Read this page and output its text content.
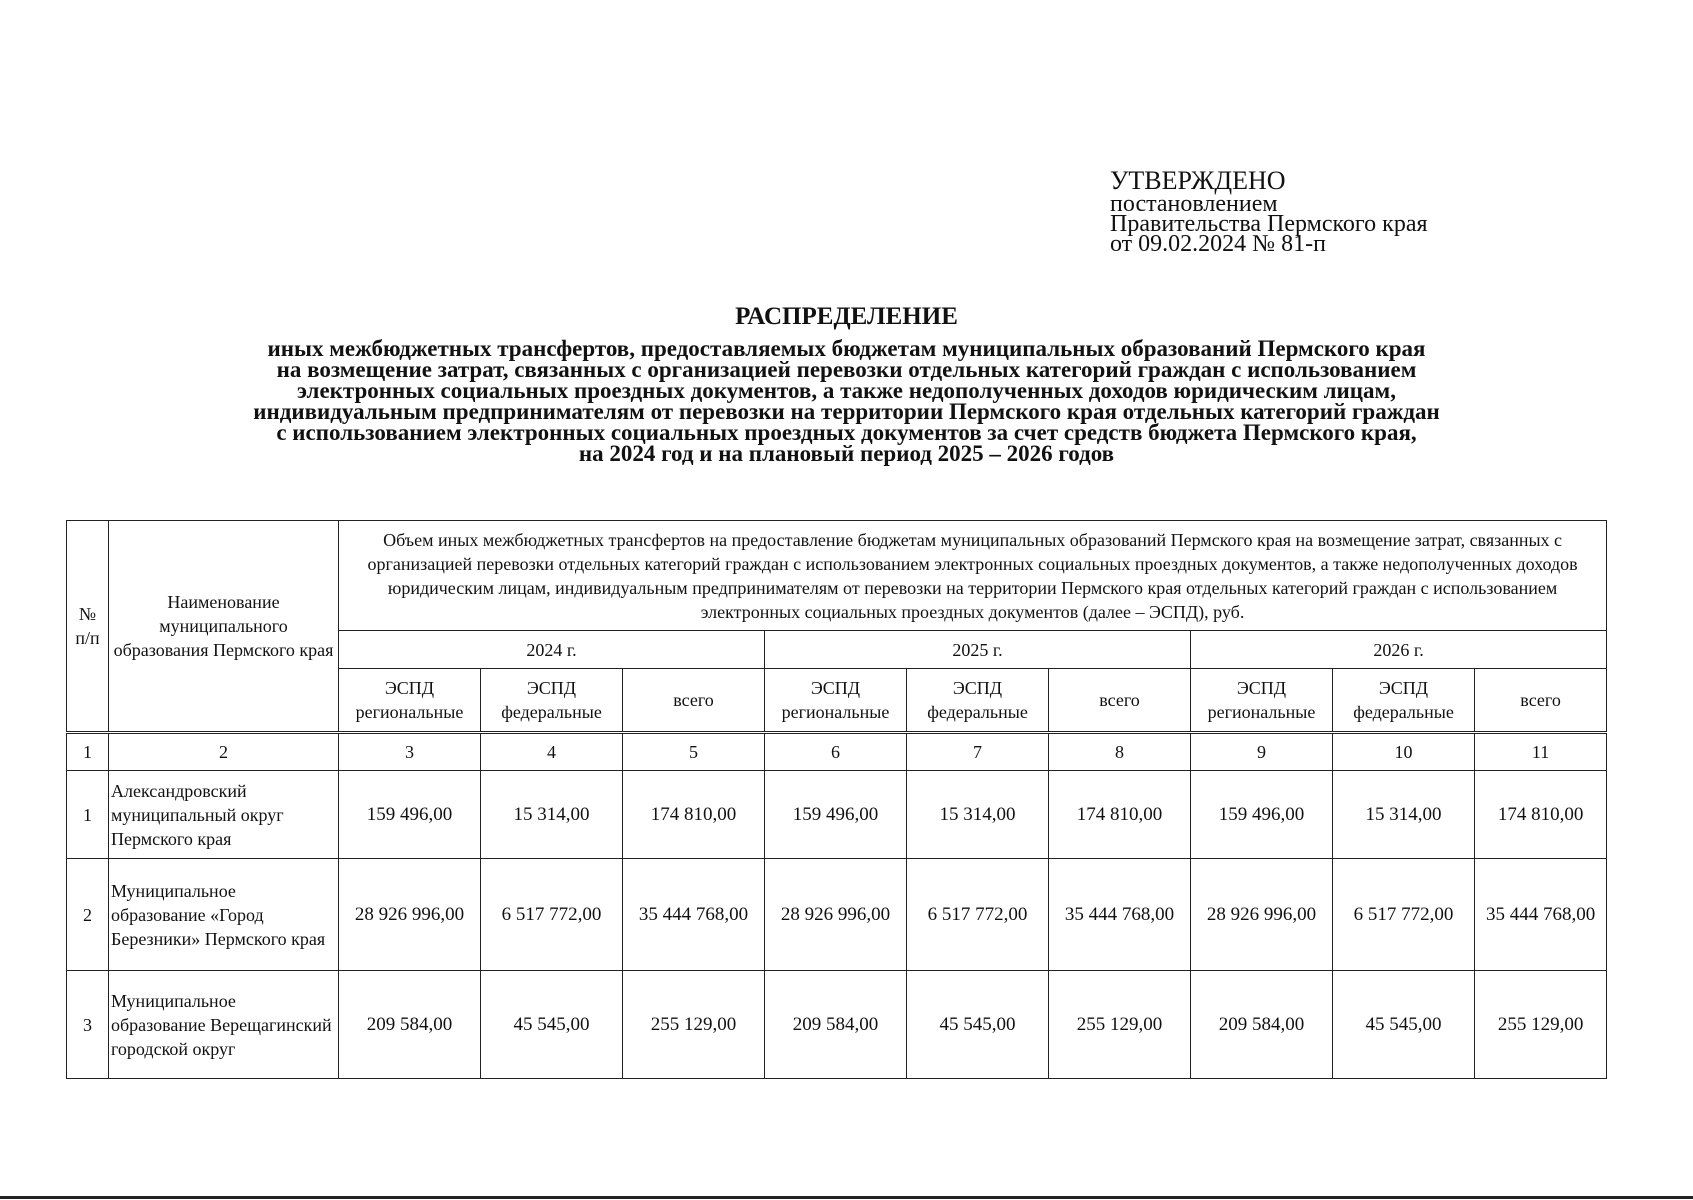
УТВЕРЖДЕНО
постановлением
Правительства Пермского края
от 09.02.2024 № 81-п
РАСПРЕДЕЛЕНИЕ
иных межбюджетных трансфертов, предоставляемых бюджетам муниципальных образований Пермского края
на возмещение затрат, связанных с организацией перевозки отдельных категорий граждан с использованием
электронных социальных проездных документов, а также недополученных доходов юридическим лицам,
индивидуальным предпринимателям от перевозки на территории Пермского края отдельных категорий граждан
с использованием электронных социальных проездных документов за счет средств бюджета Пермского края,
на 2024 год и на плановый период 2025 – 2026 годов
№ п/п	Наименование муниципального образования Пермского края	Объем иных межбюджетных трансфертов на предоставление бюджетам муниципальных образований Пермского края на возмещение затрат, связанных с организацией перевозки отдельных категорий граждан с использованием электронных социальных проездных документов, а также недополученных доходов юридическим лицам, индивидуальным предпринимателям от перевозки на территории Пермского края отдельных категорий граждан с использованием электронных социальных проездных документов (далее – ЭСПД), руб.								
		2024 г.			2025 г.			2026 г.		
		ЭСПД региональные	ЭСПД федеральные	всего	ЭСПД региональные	ЭСПД федеральные	всего	ЭСПД региональные	ЭСПД федеральные	всего
1	2	3	4	5	6	7	8	9	10	11
1	Александровский муниципальный округ Пермского края	159 496,00	15 314,00	174 810,00	159 496,00	15 314,00	174 810,00	159 496,00	15 314,00	174 810,00
2	Муниципальное образование «Город Березники» Пермского края	28 926 996,00	6 517 772,00	35 444 768,00	28 926 996,00	6 517 772,00	35 444 768,00	28 926 996,00	6 517 772,00	35 444 768,00
3	Муниципальное образование Верещагинский городской округ	209 584,00	45 545,00	255 129,00	209 584,00	45 545,00	255 129,00	209 584,00	45 545,00	255 129,00
